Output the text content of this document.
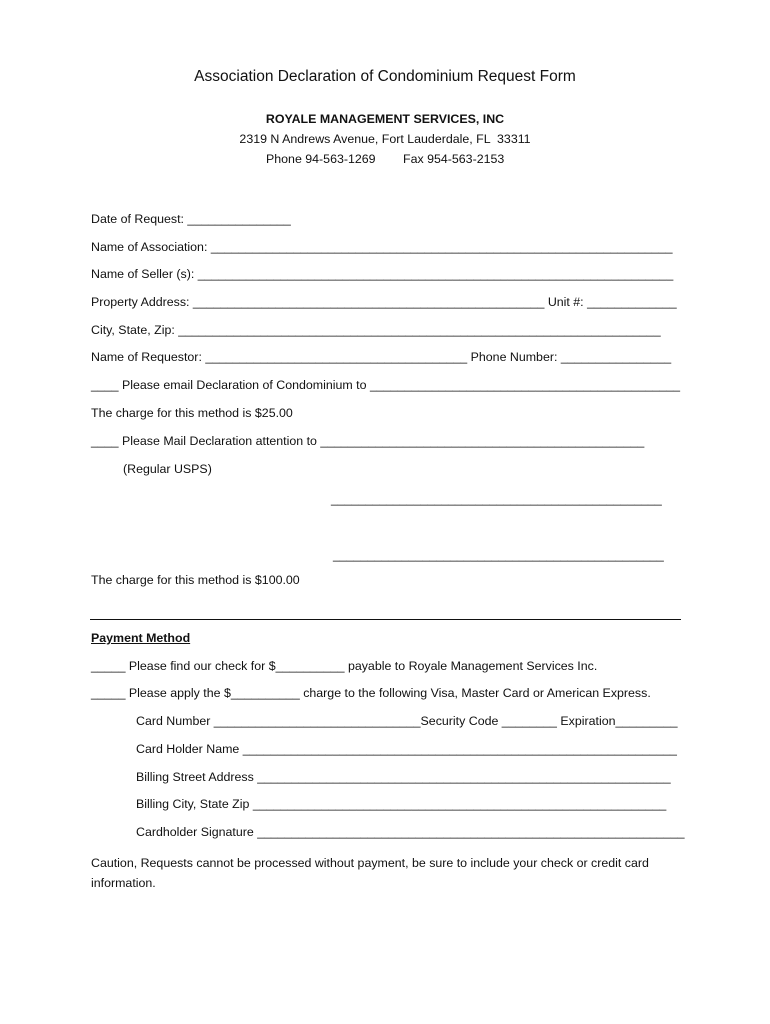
Association Declaration of Condominium Request Form
ROYALE MANAGEMENT SERVICES, INC
2319 N Andrews Avenue, Fort Lauderdale, FL  33311
Phone 94-563-1269 Fax 954-563-2153
Date of Request: _______________
Name of Association: ___________________________________________________________________
Name of Seller (s): _____________________________________________________________________
Property Address: ___________________________________________________ Unit #: _____________
City, State, Zip: ______________________________________________________________________
Name of Requestor: ______________________________________ Phone Number: ________________
____ Please email Declaration of Condominium to _____________________________________________
The charge for this method is $25.00
____ Please Mail Declaration attention to _______________________________________________
(Regular USPS)
________________________________________________
________________________________________________
The charge for this method is $100.00
Payment Method
_____ Please find our check for $__________ payable to Royale Management Services Inc.
_____ Please apply the $__________ charge to the following Visa, Master Card or American Express.
Card Number ______________________________Security Code ________ Expiration_________
Card Holder Name _______________________________________________________________
Billing Street Address ____________________________________________________________
Billing City, State Zip ____________________________________________________________
Cardholder Signature ______________________________________________________________
Caution, Requests cannot be processed without payment, be sure to include your check or credit card information.
